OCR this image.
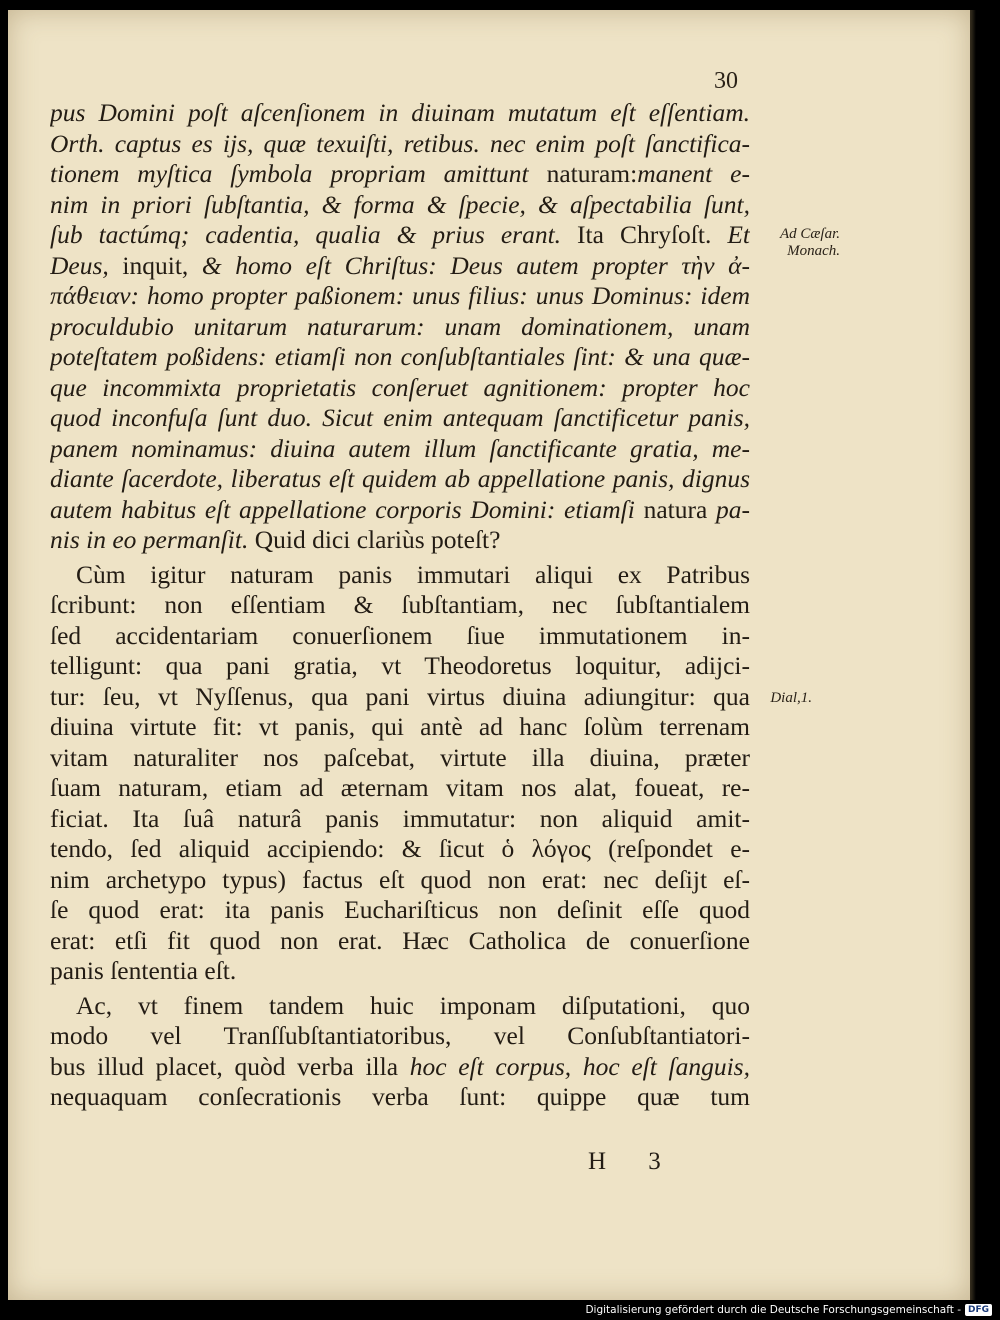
30
pus Domini poſt aſcenſionem in diuinam mutatum eſt eſſentiam.
Orth. captus es ijs, quæ texuiſti, retibus. nec enim poſt ſanctifica-
tionem myſtica ſymbola propriam amittunt naturam:manent e-
nim in priori ſubſtantia, & forma & ſpecie, & aſpectabilia ſunt,
ſub tactúmq; cadentia, qualia & prius erant. Ita Chryſoſt. Et
Deus, inquit, & homo eſt Chriſtus: Deus autem propter τὴν ἀ-
πάθειαν: homo propter paßionem: unus filius: unus Dominus: idem
proculdubio unitarum naturarum: unam dominationem, unam
poteſtatem poßidens: etiamſi non conſubſtantiales ſint: & una quæ-
que incommixta proprietatis conſeruet agnitionem: propter hoc
quod inconfuſa ſunt duo. Sicut enim antequam ſanctificetur panis,
panem nominamus: diuina autem illum ſanctificante gratia, me-
diante ſacerdote, liberatus eſt quidem ab appellatione panis, dignus
autem habitus eſt appellatione corporis Domini: etiamſi natura pa-
nis in eo permanſit. Quid dici clariùs poteſt?
Cùm igitur naturam panis immutari aliqui ex Patribus
ſcribunt: non eſſentiam & ſubſtantiam, nec ſubſtantialem
ſed accidentariam conuerſionem ſiue immutationem in-
telligunt: qua pani gratia, vt Theodoretus loquitur, adijci-
tur: ſeu, vt Nyſſenus, qua pani virtus diuina adiungitur: qua
diuina virtute fit: vt panis, qui antè ad hanc ſolùm terrenam
vitam naturaliter nos paſcebat, virtute illa diuina, præter
ſuam naturam, etiam ad æternam vitam nos alat, foueat, re-
ficiat. Ita ſuâ naturâ panis immutatur: non aliquid amit-
tendo, ſed aliquid accipiendo: & ſicut ὁ λόγος (reſpondet e-
nim archetypo typus) factus eſt quod non erat: nec deſijt eſ-
ſe quod erat: ita panis Euchariſticus non deſinit eſſe quod
erat: etſi fit quod non erat. Hæc Catholica de conuerſione
panis ſententia eſt.
Ac, vt finem tandem huic imponam diſputationi, quo
modo vel Tranſſubſtantiatoribus, vel Conſubſtantiatori-
bus illud placet, quòd verba illa hoc eſt corpus, hoc eſt ſanguis,
nequaquam conſecrationis verba ſunt: quippe quæ tum
Ad Cæſar.
Monach.
Dial,1.
H 3
Digitalisierung gefördert durch die Deutsche Forschungsgemeinschaft - DFG
